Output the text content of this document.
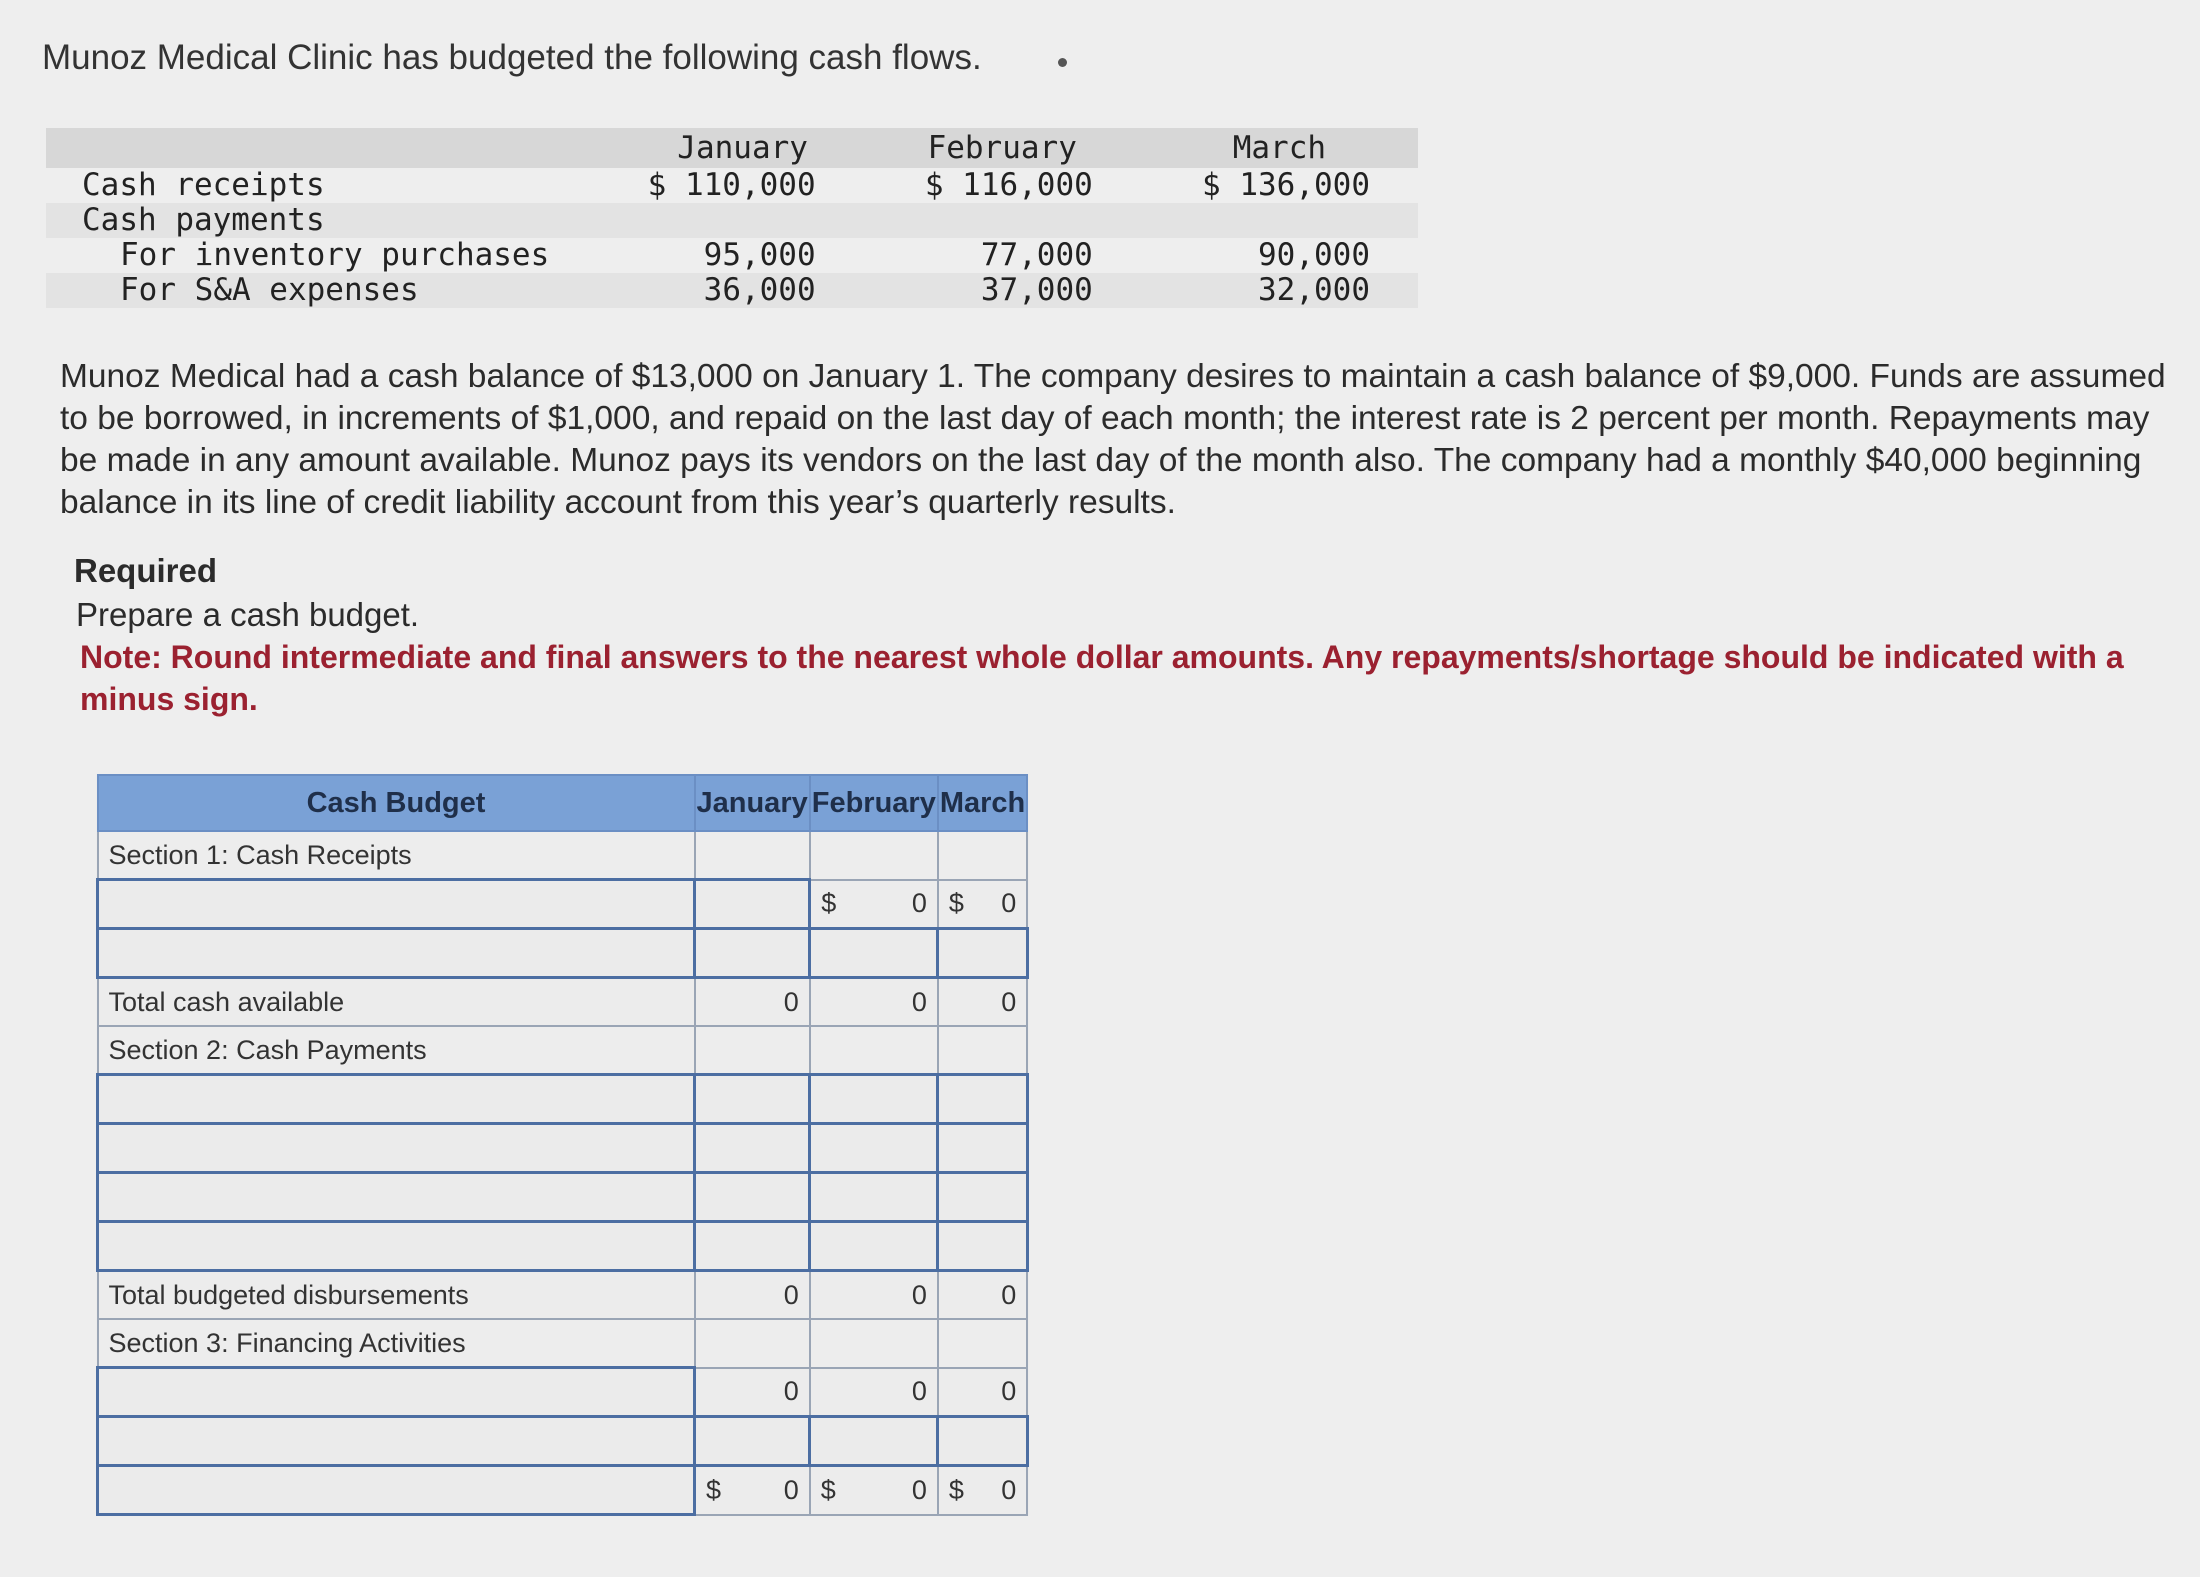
Munoz Medical Clinic has budgeted the following cash flows.
	January	February	March
Cash receipts	$ 110,000	$ 116,000	$ 136,000
Cash payments			
For inventory purchases	95,000	77,000	90,000
For S&A expenses	36,000	37,000	32,000
Munoz Medical had a cash balance of $13,000 on January 1. The company desires to maintain a cash balance of $9,000. Funds are assumed to be borrowed, in increments of $1,000, and repaid on the last day of each month; the interest rate is 2 percent per month. Repayments may be made in any amount available. Munoz pays its vendors on the last day of the month also. The company had a monthly $40,000 beginning balance in its line of credit liability account from this year’s quarterly results.
Required
Prepare a cash budget.
Note: Round intermediate and final answers to the nearest whole dollar amounts. Any repayments/shortage should be indicated with a minus sign.
Cash Budget	January	February	March
Section 1: Cash Receipts			

		$ 0	$ 0

Total cash available	0	0	0

Section 2: Cash Payments			

Total budgeted disbursements	0	0	0

Section 3: Financing Activities			

	0	0	0

	$ 0	$ 0	$ 0
